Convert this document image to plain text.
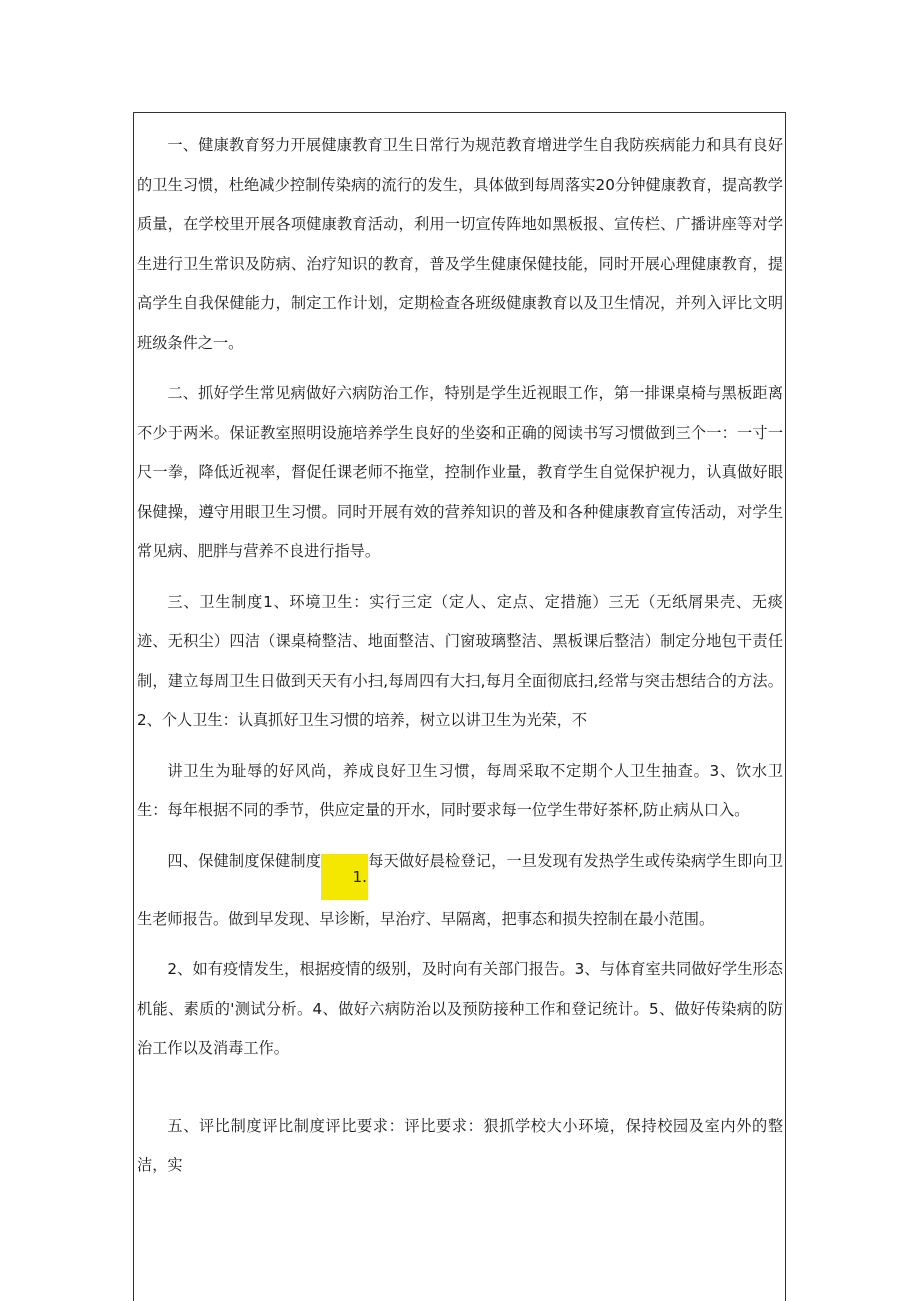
一、健康教育努力开展健康教育卫生日常行为规范教育增进学生自我防疾病能力和具有良好的卫生习惯，杜绝减少控制传染病的流行的发生，具体做到每周落实20分钟健康教育，提高教学质量，在学校里开展各项健康教育活动，利用一切宣传阵地如黑板报、宣传栏、广播讲座等对学生进行卫生常识及防病、治疗知识的教育，普及学生健康保健技能，同时开展心理健康教育，提高学生自我保健能力，制定工作计划，定期检查各班级健康教育以及卫生情况，并列入评比文明班级条件之一。

二、抓好学生常见病做好六病防治工作，特别是学生近视眼工作，第一排课桌椅与黑板距离不少于两米。保证教室照明设施培养学生良好的坐姿和正确的阅读书写习惯做到三个一：一寸一尺一拳，降低近视率，督促任课老师不拖堂，控制作业量，教育学生自觉保护视力，认真做好眼保健操，遵守用眼卫生习惯。同时开展有效的营养知识的普及和各种健康教育宣传活动，对学生常见病、肥胖与营养不良进行指导。

三、卫生制度1、环境卫生：实行三定（定人、定点、定措施）三无（无纸屑果壳、无痰迹、无积尘）四洁（课桌椅整洁、地面整洁、门窗玻璃整洁、黑板课后整洁）制定分地包干责任制，建立每周卫生日做到天天有小扫,每周四有大扫,每月全面彻底扫,经常与突击想结合的方法。2、个人卫生：认真抓好卫生习惯的培养，树立以讲卫生为光荣，不

讲卫生为耻辱的好风尚，养成良好卫生习惯，每周采取不定期个人卫生抽查。3、饮水卫生：每年根据不同的季节，供应定量的开水，同时要求每一位学生带好茶杯,防止病从口入。

四、保健制度保健制度1.每天做好晨检登记，一旦发现有发热学生或传染病学生即向卫生老师报告。做到早发现、早诊断，早治疗、早隔离，把事态和损失控制在最小范围。

2、如有疫情发生，根据疫情的级别，及时向有关部门报告。3、与体育室共同做好学生形态机能、素质的'测试分析。4、做好六病防治以及预防接种工作和登记统计。5、做好传染病的防治工作以及消毒工作。

五、评比制度评比制度评比要求：评比要求：狠抓学校大小环境，保持校园及室内外的整洁，实
